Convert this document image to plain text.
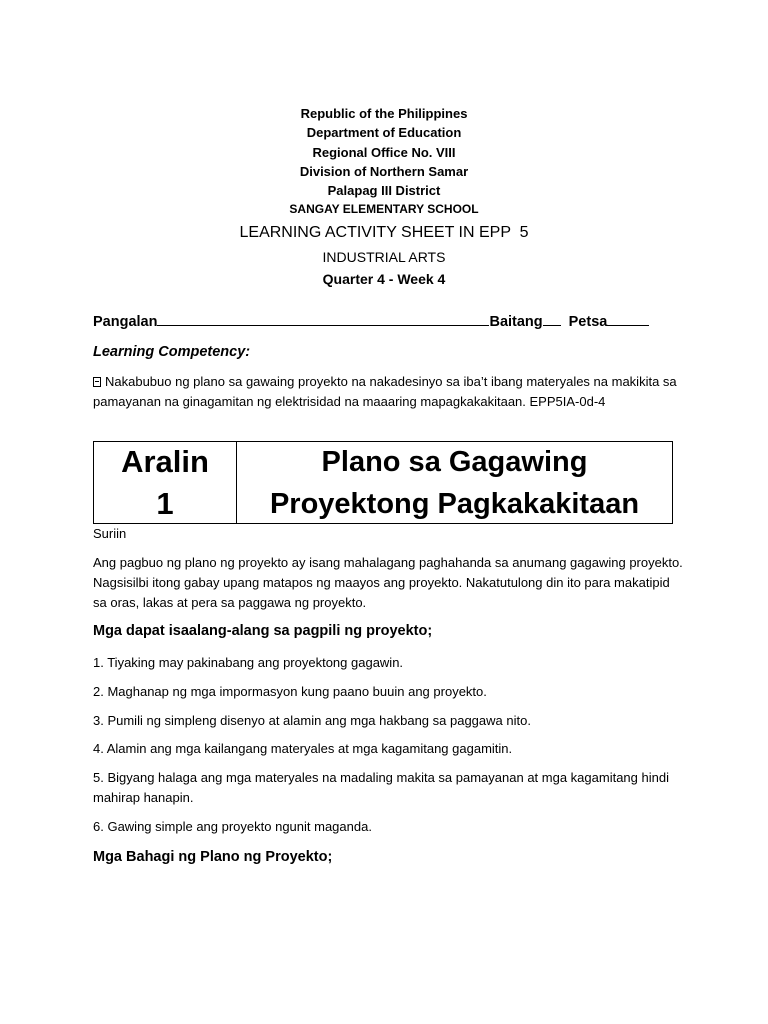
Republic of the Philippines
Department of Education
Regional Office No. VIII
Division of Northern Samar
Palapag III District
SANGAY ELEMENTARY SCHOOL
LEARNING ACTIVITY SHEET IN EPP  5
INDUSTRIAL ARTS
Quarter 4 - Week 4
Pangalan	Baitang Petsa
Learning Competency:
Nakabubuo ng plano sa gawaing proyekto na nakadesinyo sa iba’t ibang materyales na makikita sa pamayanan na ginagamitan ng elektrisidad na maaaring mapagkakakitaan. EPP5IA-0d-4
Aralin
1
Plano sa Gagawing
Proyektong Pagkakakitaan
Suriin
Ang pagbuo ng plano ng proyekto ay isang mahalagang paghahanda sa anumang gagawing proyekto. Nagsisilbi itong gabay upang matapos ng maayos ang proyekto. Nakatutulong din ito para makatipid sa oras, lakas at pera sa paggawa ng proyekto.
Mga dapat isaalang-alang sa pagpili ng proyekto;
1. Tiyaking may pakinabang ang proyektong gagawin.
2. Maghanap ng mga impormasyon kung paano buuin ang proyekto.
3. Pumili ng simpleng disenyo at alamin ang mga hakbang sa paggawa nito.
4. Alamin ang mga kailangang materyales at mga kagamitang gagamitin.
5. Bigyang halaga ang mga materyales na madaling makita sa pamayanan at mga kagamitang hindi mahirap hanapin.
6. Gawing simple ang proyekto ngunit maganda.
Mga Bahagi ng Plano ng Proyekto;
